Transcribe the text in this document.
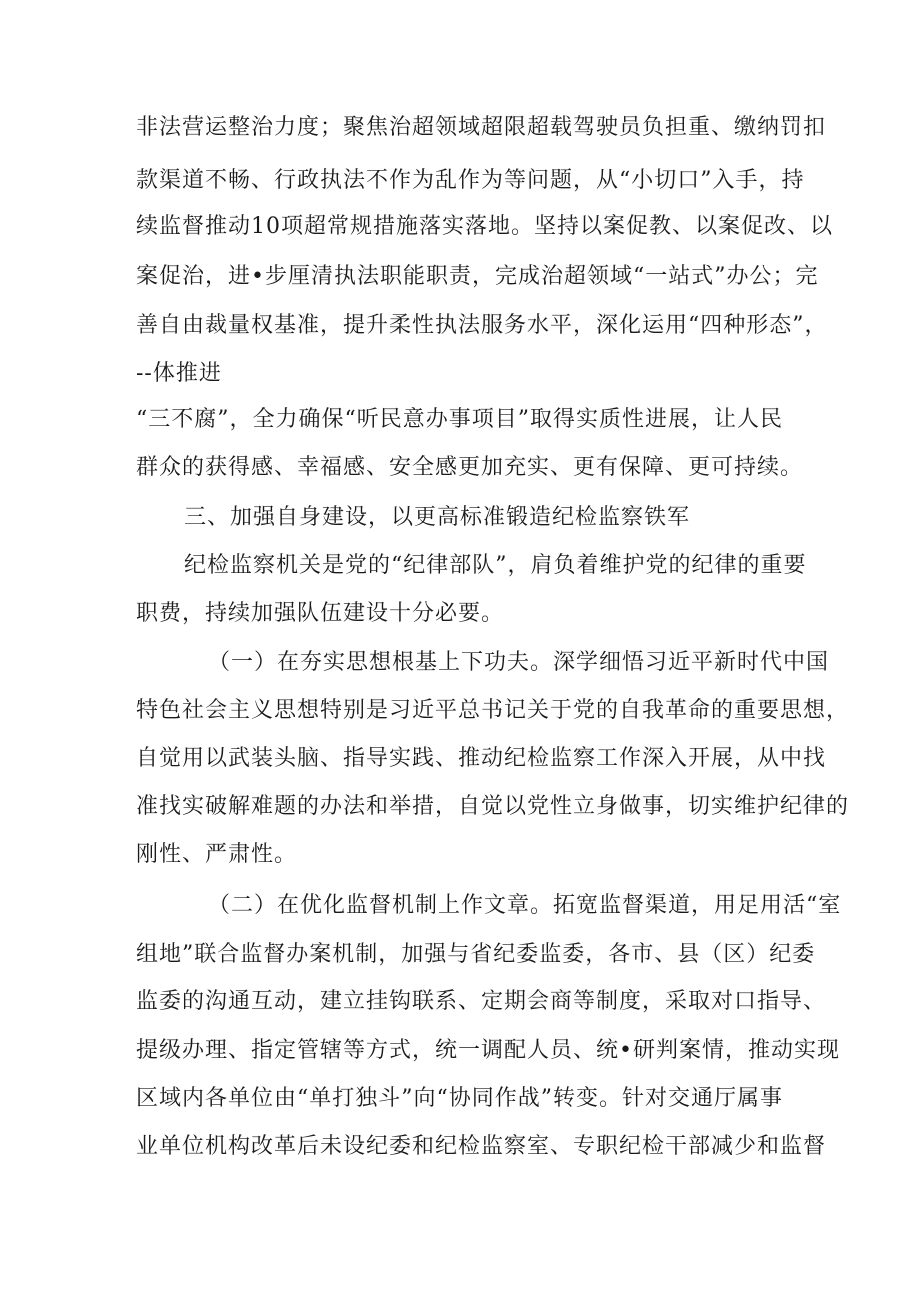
非法营运整治力度；聚焦治超领域超限超载驾驶员负担重、缴纳罚扣
款渠道不畅、行政执法不作为乱作为等问题，从“小切口”入手，持
续监督推动10项超常规措施落实落地。坚持以案促教、以案促改、以
案促治，进•步厘清执法职能职责，完成治超领域“一站式”办公；完
善自由裁量权基准，提升柔性执法服务水平，深化运用“四种形态”，
--体推进
“三不腐”，全力确保“听民意办事项目”取得实质性进展，让人民
群众的获得感、幸福感、安全感更加充实、更有保障、更可持续。
三、加强自身建设，以更高标准锻造纪检监察铁军
纪检监察机关是党的“纪律部队”，肩负着维护党的纪律的重要
职费，持续加强队伍建设十分必要。
（一）在夯实思想根基上下功夫。深学细悟习近平新时代中国
特色社会主义思想特别是习近平总书记关于党的自我革命的重要思想，
自觉用以武装头脑、指导实践、推动纪检监察工作深入开展，从中找
准找实破解难题的办法和举措，自觉以党性立身做事，切实维护纪律的
刚性、严肃性。
（二）在优化监督机制上作文章。拓宽监督渠道，用足用活“室
组地”联合监督办案机制，加强与省纪委监委，各市、县（区）纪委
监委的沟通互动，建立挂钩联系、定期会商等制度，采取对口指导、
提级办理、指定管辖等方式，统一调配人员、统•研判案情，推动实现
区域内各单位由“单打独斗”向“协同作战”转变。针对交通厅属事
业单位机构改革后未设纪委和纪检监察室、专职纪检干部减少和监督
